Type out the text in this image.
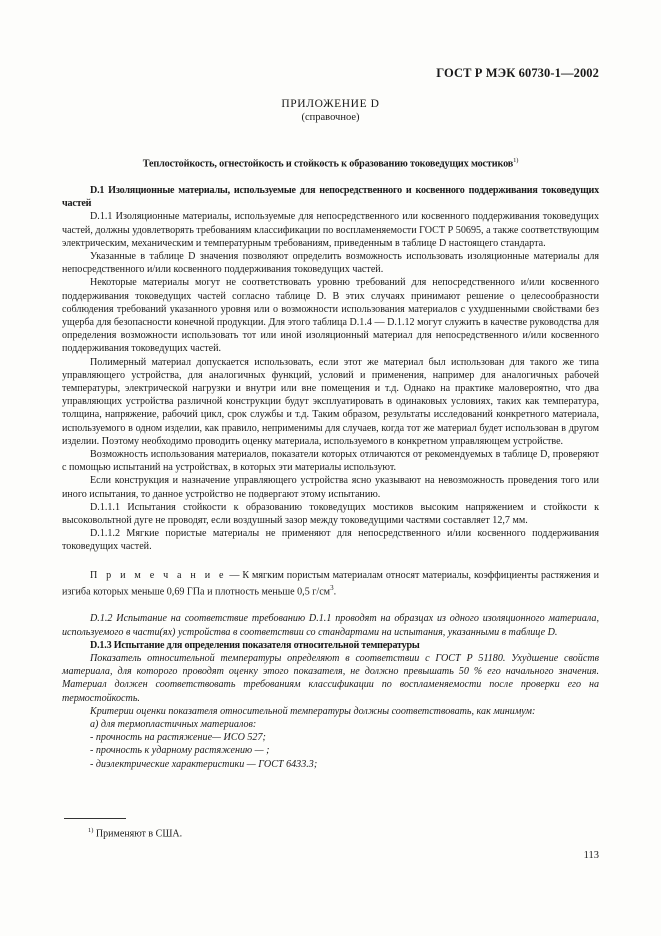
ГОСТ Р МЭК 60730-1—2002
ПРИЛОЖЕНИЕ D
(справочное)
Теплостойкость, огнестойкость и стойкость к образованию токоведущих мостиков$^{1)}$

D.1 Изоляционные материалы, используемые для непосредственного и косвенного поддерживания токоведущих частей

D.1.1 Изоляционные материалы, используемые для непосредственного или косвенного поддерживания токоведущих частей, должны удовлетворять требованиям классификации по воспламеняемости ГОСТ Р 50695, а также соответствующим электрическим, механическим и температурным требованиям, приведенным в таблице D настоящего стандарта.

Указанные в таблице D значения позволяют определить возможность использовать изоляционные материалы для непосредственного и/или косвенного поддерживания токоведущих частей.

Некоторые материалы могут не соответствовать уровню требований для непосредственного и/или косвенного поддерживания токоведущих частей согласно таблице D. В этих случаях принимают решение о целесообразности соблюдения требований указанного уровня или о возможности использования материалов с ухудшенными свойствами без ущерба для безопасности конечной продукции. Для этого таблица D.1.4 — D.1.12 могут служить в качестве руководства для определения возможности использовать тот или иной изоляционный материал для непосредственного и/или косвенного поддерживания токоведущих частей.

Полимерный материал допускается использовать, если этот же материал был использован для такого же типа управляющего устройства, для аналогичных функций, условий и применения, например для аналогичных рабочей температуры, электрической нагрузки и внутри или вне помещения и т.д. Однако на практике маловероятно, что два управляющих устройства различной конструкции будут эксплуатировать в одинаковых условиях, таких как температура, толщина, напряжение, рабочий цикл, срок службы и т.д. Таким образом, результаты исследований конкретного материала, используемого в одном изделии, как правило, неприменимы для случаев, когда тот же материал будет использован в другом изделии. Поэтому необходимо проводить оценку материала, используемого в конкретном управляющем устройстве.

Возможность использования материалов, показатели которых отличаются от рекомендуемых в таблице D, проверяют с помощью испытаний на устройствах, в которых эти материалы используют.

Если конструкция и назначение управляющего устройства ясно указывают на невозможность проведения того или иного испытания, то данное устройство не подвергают этому испытанию.

D.1.1.1 Испытания стойкости к образованию токоведущих мостиков высоким напряжением и стойкости к высоковольтной дуге не проводят, если воздушный зазор между токоведущими частями составляет 12,7 мм.

D.1.1.2 Мягкие пористые материалы не применяют для непосредственного и/или косвенного поддерживания токоведущих частей.

П р и м е ч а н и е — К мягким пористым материалам относят материалы, коэффициенты растяжения и изгиба которых меньше 0,69 ГПа и плотность меньше 0,5 $г/см^3$.

D.1.2 Испытание на соответствие требованию D.1.1 проводят на образцах из одного изоляционного материала, используемого в части(ях) устройства в соответствии со стандартами на испытания, указанными в таблице D.

D.1.3 Испытание для определения показателя относительной температуры

Показатель относительной температуры определяют в соответствии с ГОСТ Р 51180. Ухудшение свойств материала, для которого проводят оценку этого показателя, не должно превышать 50 % его начального значения. Материал должен соответствовать требованиям классификации по воспламеняемости после проверки его на термостойкость.

Критерии оценки показателя относительной температуры должны соответствовать, как минимум:

а) для термопластичных материалов:

- прочность на растяжение— ИСО 527;

- прочность к ударному растяжению — ;

- диэлектрические характеристики — ГОСТ 6433.3;

$^{1)}$ Применяют в США.
113
